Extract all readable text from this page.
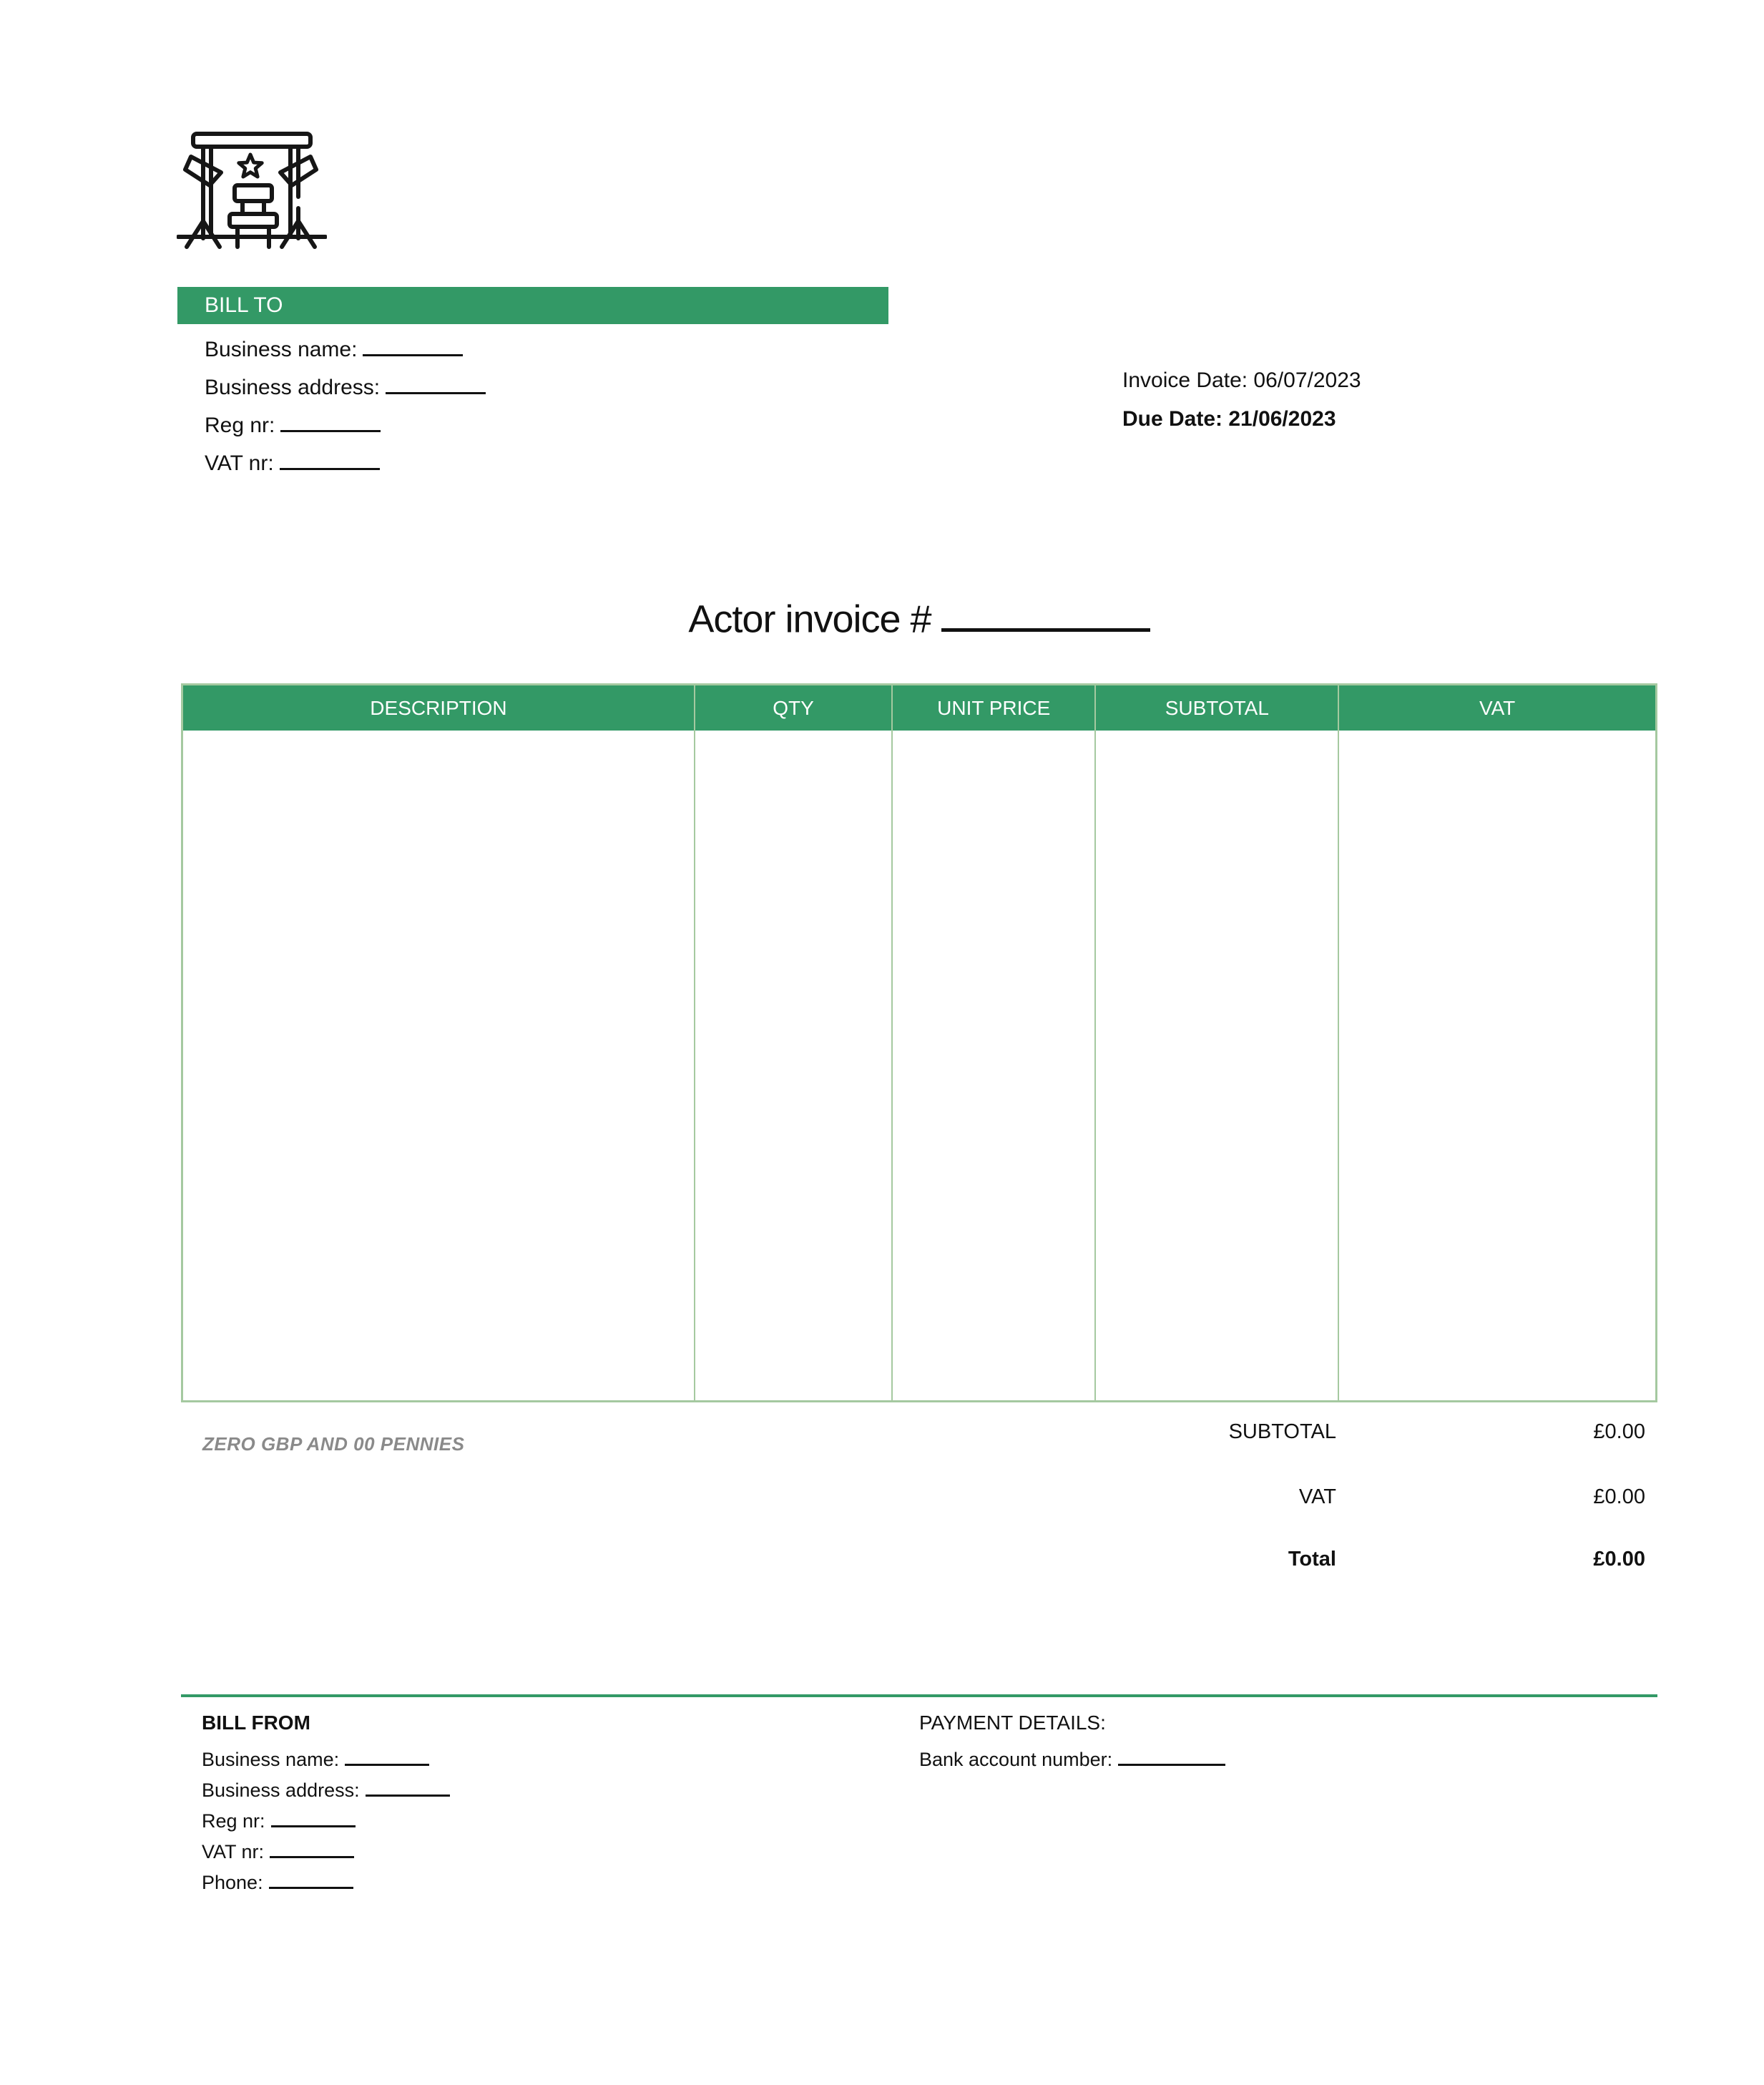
BILL TO
Business name:
Business address:
Reg nr:
VAT nr:
Invoice Date: 06/07/2023
Due Date: 21/06/2023
Actor invoice #
DESCRIPTION	QTY	UNIT PRICE	SUBTOTAL	VAT
ZERO GBP AND 00 PENNIES
SUBTOTAL	£0.00
VAT	£0.00
Total	£0.00
BILL FROM
Business name:
Business address:
Reg nr:
VAT nr:
Phone:
PAYMENT DETAILS:
Bank account number:
